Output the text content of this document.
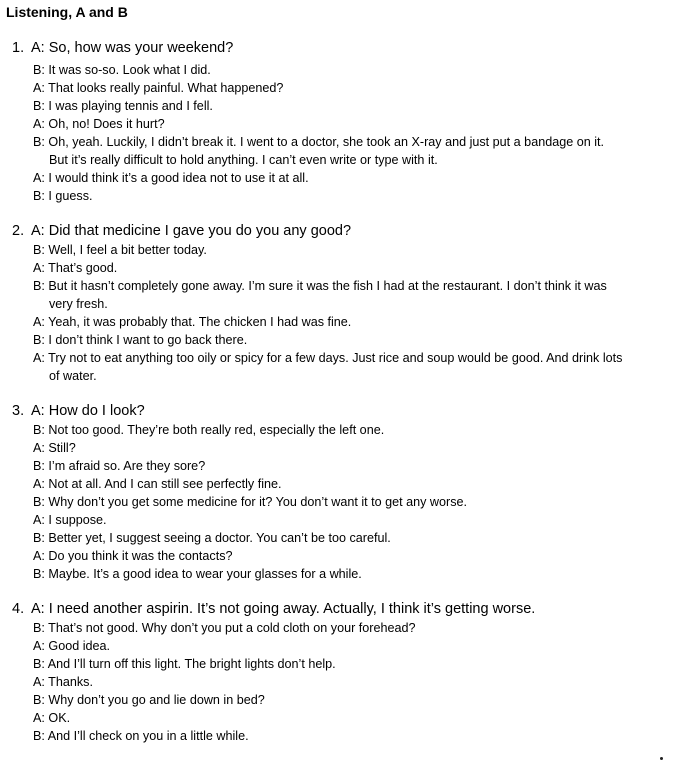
Listening, A and B
1. A: So, how was your weekend?
B: It was so-so. Look what I did.
A: That looks really painful. What happened?
B: I was playing tennis and I fell.
A: Oh, no! Does it hurt?
B: Oh, yeah. Luckily, I didn’t break it. I went to a doctor, she took an X-ray and just put a bandage on it.
But it’s really difficult to hold anything. I can’t even write or type with it.
A: I would think it’s a good idea not to use it at all.
B: I guess.
2. A: Did that medicine I gave you do you any good?
B: Well, I feel a bit better today.
A: That’s good.
B: But it hasn’t completely gone away. I’m sure it was the fish I had at the restaurant. I don’t think it was
very fresh.
A: Yeah, it was probably that. The chicken I had was fine.
B: I don’t think I want to go back there.
A: Try not to eat anything too oily or spicy for a few days. Just rice and soup would be good. And drink lots
of water.
3. A: How do I look?
B: Not too good. They’re both really red, especially the left one.
A: Still?
B: I’m afraid so. Are they sore?
A: Not at all. And I can still see perfectly fine.
B: Why don’t you get some medicine for it? You don’t want it to get any worse.
A: I suppose.
B: Better yet, I suggest seeing a doctor. You can’t be too careful.
A: Do you think it was the contacts?
B: Maybe. It’s a good idea to wear your glasses for a while.
4. A: I need another aspirin. It’s not going away. Actually, I think it’s getting worse.
B: That’s not good. Why don’t you put a cold cloth on your forehead?
A: Good idea.
B: And I’ll turn off this light. The bright lights don’t help.
A: Thanks.
B: Why don’t you go and lie down in bed?
A: OK.
B: And I’ll check on you in a little while.
